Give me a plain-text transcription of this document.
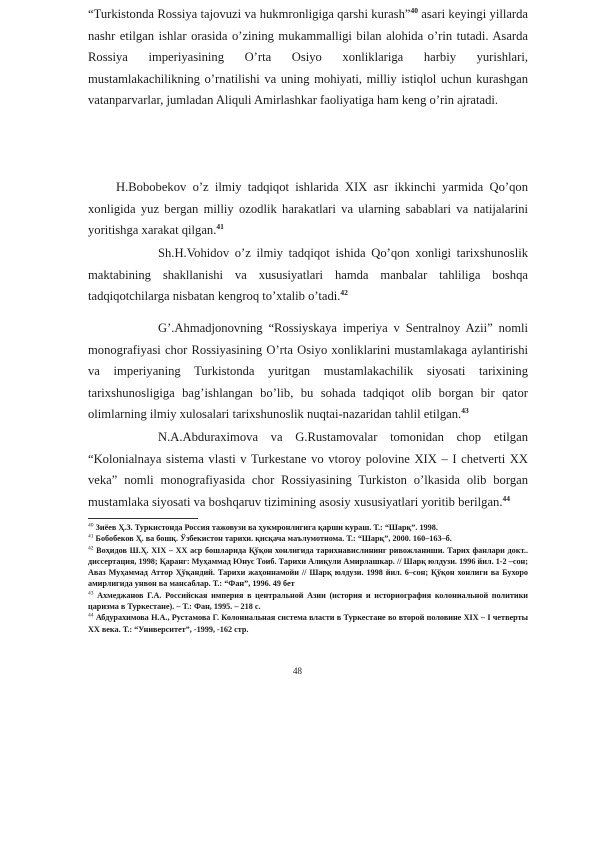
“Turkistonda Rossiya tajovuzi va hukmronligiga qarshi kurash”$^{40}$ asari keyingi yillarda nashr etilgan ishlar orasida o’zining mukammalligi bilan alohida o’rin tutadi. Asarda Rossiya imperiyasining O’rta Osiyo xonliklariga harbiy yurishlari, mustamlakachilikning o’rnatilishi va uning mohiyati, milliy istiqlol uchun kurashgan vatanparvarlar, jumladan Aliquli Amirlashkar faoliyatiga ham keng o’rin ajratadi.

H.Bobobekov o’z ilmiy tadqiqot ishlarida XIX asr ikkinchi yarmida Qo’qon xonligida yuz bergan milliy ozodlik harakatlari va ularning sabablari va natijalarini yoritishga xarakat qilgan.$^{41}$

Sh.H.Vohidov o’z ilmiy tadqiqot ishida Qo’qon xonligi tarixshunoslik maktabining shakllanishi va xususiyatlari hamda manbalar tahliliga boshqa tadqiqotchilarga nisbatan kengroq to’xtalib o’tadi.$^{42}$

G’.Ahmadjonovning “Rossiyskaya imperiya v Sentralnoy Azii” nomli monografiyasi chor Rossiyasining O’rta Osiyo xonliklarini mustamlakaga aylantirishi va imperiyaning Turkistonda yuritgan mustamlakachilik siyosati tarixining tarixshunosligiga bag’ishlangan bo’lib, bu sohada tadqiqot olib borgan bir qator olimlarning ilmiy xulosalari tarixshunoslik nuqtai-nazaridan tahlil etilgan.$^{43}$

N.A.Abduraximova va G.Rustamovalar tomonidan chop etilgan “Kolonialnaya sistema vlasti v Turkestane vo vtoroy polovine XIX – I chetverti XX veka” nomli monografiyasida chor Rossiyasining Turkiston o’lkasida olib borgan mustamlaka siyosati va boshqaruv tizimining asosiy xususiyatlari yoritib berilgan.$^{44}$

$^{40}$ Зиёев Ҳ.З. Туркистонда Россия тажовузи ва ҳукмронлигига қарши кураш. Т.: “Шарқ”. 1998.

$^{41}$ Бобобеков Ҳ. ва бошқ. Ўзбекистон тарихи. қисқача маълумотнома. Т.: “Шарқ”, 2000. 160–163–б.

$^{42}$ Воҳидов Ш.Ҳ. XIX – XX аср бошларида Қўқон хонлигида тарихнавислининг ривожланиши. Тарих фанлари докт.. диссертация, 1998; Қаранг: Муҳаммад Юнус Тоиб. Тарихи Алиқули Амирлашкар. // Шарқ юлдузи. 1996 йил. 1-2 –сон; Аваз Муҳаммад Аттор Ҳўқандий. Тарихи жаҳоннамойи // Шарқ юлдузи. 1998 йил. 6–сон; Қўқон хонлиги ва Бухоро амирлигида унвон ва мансаблар. Т.: “Фан”, 1996. 49 бет

$^{43}$ Ахмеджанов Г.А. Российская империя в центральной Азии (история и историография колониальной политики царизма в Туркестане). – Т.: Фан, 1995. – 218 с.

$^{44}$ Абдурахимова Н.А., Рустамова Г. Колониальная система власти в Туркестане во второй половине XIX – I четверты XX века. Т.: “Университет”, -1999, -162 стр.

48
